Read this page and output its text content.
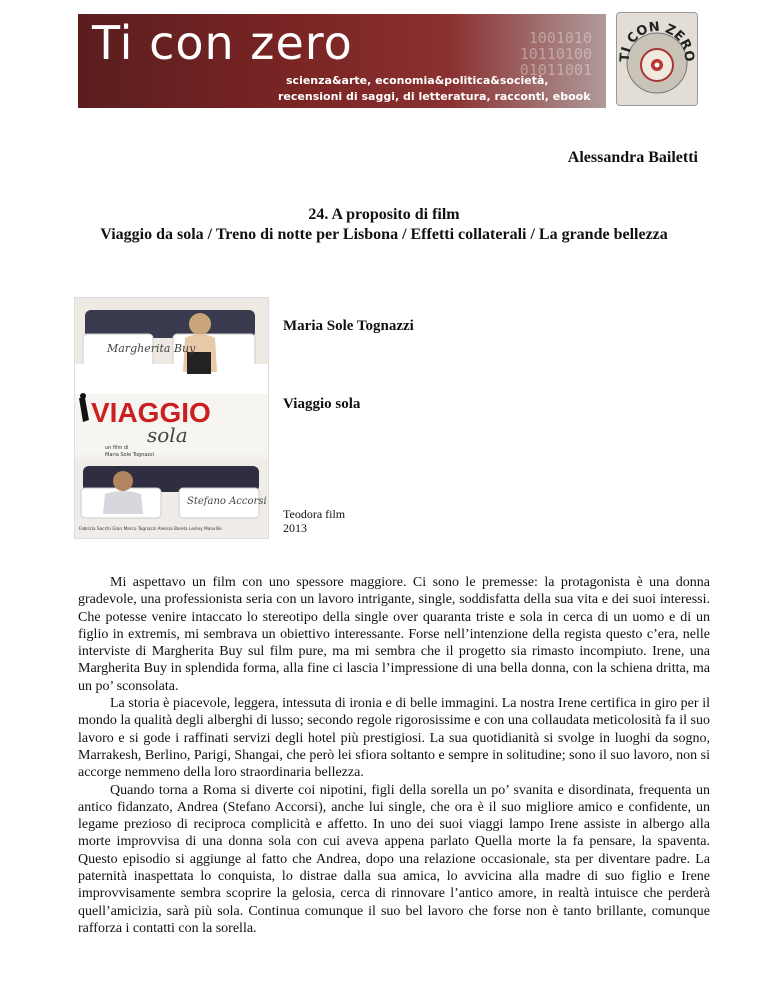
1001010
10110100
01011001
Ti con zero
scienza&arte, economia&politica&società,
recensioni di saggi, di letteratura, racconti, ebook
TI CON ZERO
Alessandra Bailetti
24. A proposito di film
Viaggio da sola / Treno di notte per Lisbona / Effetti collaterali / La grande bellezza
Margherita Buy
VIAGGIO
sola
un film di
Maria Sole Tognazzi
Stefano Accorsi
Fabrizia Sacchi Gian Marco Tognazzi Alessia Barela Lesley Manville
Maria Sole Tognazzi
Viaggio sola
Teodora film
2013

Mi aspettavo un film con uno spessore maggiore. Ci sono le premesse: la protagonista è una donna gradevole, una professionista seria con un lavoro intrigante, single, soddisfatta della sua vita e dei suoi interessi. Che potesse venire intaccato lo stereotipo della single over quaranta triste e sola in cerca di un uomo e di un figlio in extremis, mi sembrava un obiettivo interessante. Forse nell’intenzione della regista questo c’era, nelle interviste di Margherita Buy sul film pure, ma mi sembra che il progetto sia rimasto incompiuto. Irene, una Margherita Buy in splendida forma, alla fine ci lascia l’impressione di una bella donna, con la schiena dritta, ma un po’ sconsolata.

La storia è piacevole, leggera, intessuta di ironia e di belle immagini. La nostra Irene certifica in giro per il mondo la qualità degli alberghi di lusso; secondo regole rigorosissime e con una collaudata meticolosità fa il suo lavoro e si gode i raffinati servizi degli hotel più prestigiosi. La sua quotidianità si svolge in luoghi da sogno, Marrakesh, Berlino, Parigi, Shangai, che però lei sfiora soltanto e sempre in solitudine; sono il suo lavoro, non si accorge nemmeno della loro straordinaria bellezza.

Quando torna a Roma si diverte coi nipotini, figli della sorella un po’ svanita e disordinata, frequenta un antico fidanzato, Andrea (Stefano Accorsi), anche lui single, che ora è il suo migliore amico e confidente, un legame prezioso di reciproca complicità e affetto. In uno dei suoi viaggi lampo Irene assiste in albergo alla morte improvvisa di una donna sola con cui aveva appena parlato Quella morte la fa pensare, la spaventa. Questo episodio si aggiunge al fatto che Andrea, dopo una relazione occasionale, sta per diventare padre. La paternità inaspettata lo conquista, lo distrae dalla sua amica, lo avvicina alla madre di suo figlio e Irene improvvisamente sembra scoprire la gelosia, cerca di rinnovare l’antico amore, in realtà intuisce che perderà quell’amicizia, sarà più sola. Continua comunque il suo bel lavoro che forse non è tanto brillante, comunque rafforza i contatti con la sorella.
